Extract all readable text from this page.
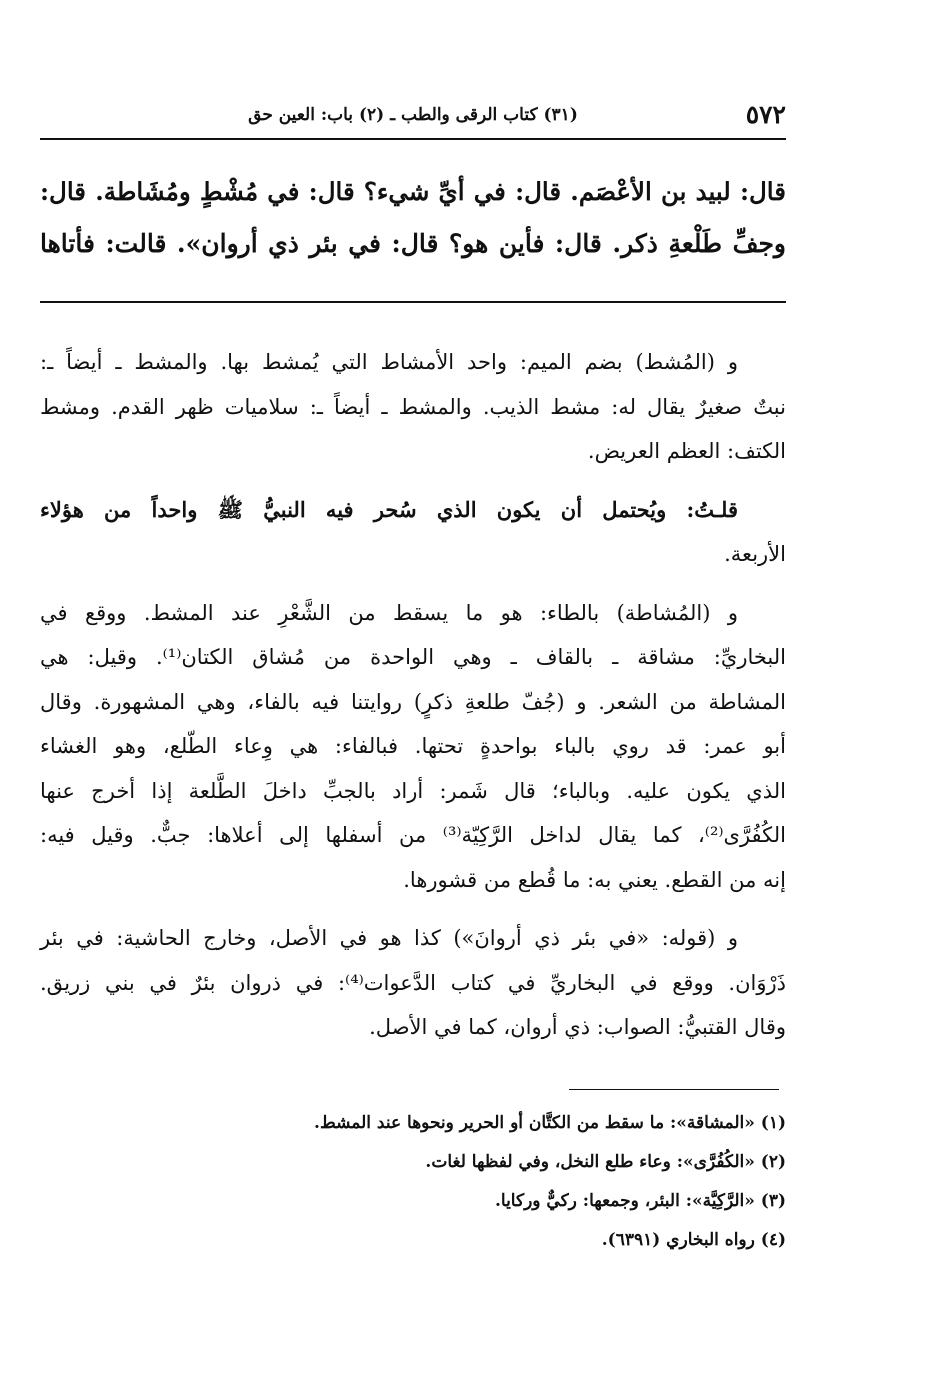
٥٧٢
(٣١) كتاب الرقى والطب ـ (٢) باب: العين حق
قال: لبيد بن الأعْصَم. قال: في أيِّ شيء؟ قال: في مُشْطٍ ومُشَاطة. قال:
وجفِّ طَلْعةِ ذكر. قال: فأين هو؟ قال: في بئر ذي أروان». قالت: فأتاها
و (المُشط) بضم الميم: واحد الأمشاط التي يُمشط بها. والمشط ـ أيضاً ـ:
نبتٌ صغيرٌ يقال له: مشط الذيب. والمشط ـ أيضاً ـ: سلاميات ظهر القدم. ومشط
الكتف: العظم العريض.
قلـتُ: ويُحتمل أن يكون الذي سُحر فيه النبيُّ ﷺ واحداً من هؤلاء
الأربعة.
و (المُشاطة) بالطاء: هو ما يسقط من الشَّعْرِ عند المشط. ووقع في
البخاريِّ: مشاقة ـ بالقاف ـ وهي الواحدة من مُشاق الكتان⁽¹⁾. وقيل: هي
المشاطة من الشعر. و (جُفّ طلعةِ ذكرٍ) روايتنا فيه بالفاء، وهي المشهورة. وقال
أبو عمر: قد روي بالباء بواحدةٍ تحتها. فبالفاء: هي وِعاء الطّلع، وهو الغشاء
الذي يكون عليه. وبالباء؛ قال شَمر: أراد بالجبِّ داخلَ الطَّلعة إذا أخرج عنها
الكُفُرَّى⁽²⁾، كما يقال لداخل الرَّكِيّة⁽³⁾ من أسفلها إلى أعلاها: جبٌّ. وقيل فيه:
إنه من القطع. يعني به: ما قُطع من قشورها.
و (قوله: «في بئر ذي أروانَ») كذا هو في الأصل، وخارج الحاشية: في بئر
ذَرْوَان. ووقع في البخاريِّ في كتاب الدَّعوات⁽⁴⁾: في ذروان بئرٌ في بني زريق.
وقال القتبيُّ: الصواب: ذي أروان، كما في الأصل.
(١) «المشاقة»: ما سقط من الكتَّان أو الحرير ونحوها عند المشط.
(٢) «الكُفُرَّى»: وعاء طلع النخل، وفي لفظها لغات.
(٣) «الرَّكِيَّة»: البئر، وجمعها: ركيٌّ وركايا.
(٤) رواه البخاري (٦٣٩١).
